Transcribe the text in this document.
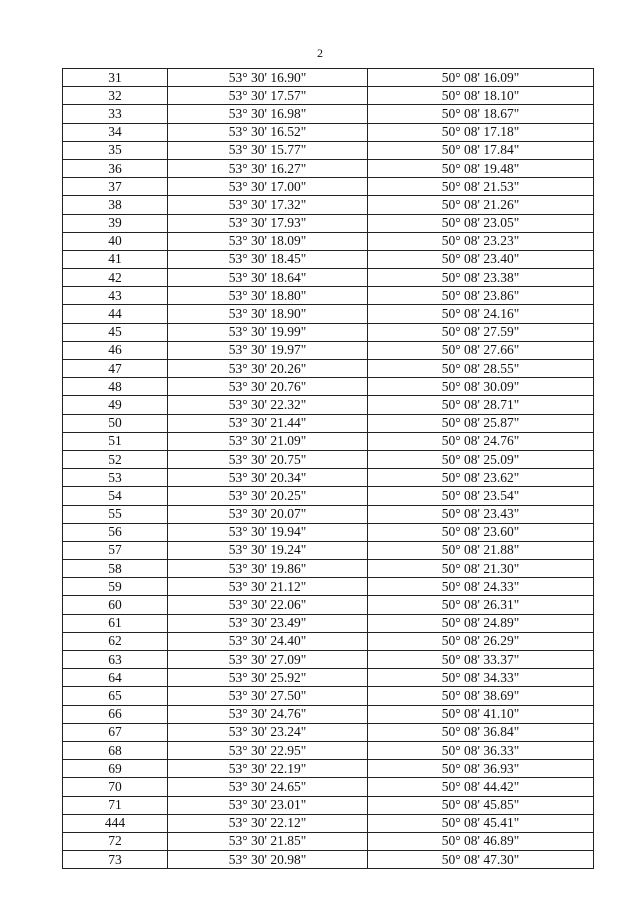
2
31	53° 30' 16.90"	50° 08' 16.09"
32	53° 30' 17.57"	50° 08' 18.10"
33	53° 30' 16.98"	50° 08' 18.67"
34	53° 30' 16.52"	50° 08' 17.18"
35	53° 30' 15.77"	50° 08' 17.84"
36	53° 30' 16.27"	50° 08' 19.48"
37	53° 30' 17.00"	50° 08' 21.53"
38	53° 30' 17.32"	50° 08' 21.26"
39	53° 30' 17.93"	50° 08' 23.05"
40	53° 30' 18.09"	50° 08' 23.23"
41	53° 30' 18.45"	50° 08' 23.40"
42	53° 30' 18.64"	50° 08' 23.38"
43	53° 30' 18.80"	50° 08' 23.86"
44	53° 30' 18.90"	50° 08' 24.16"
45	53° 30' 19.99"	50° 08' 27.59"
46	53° 30' 19.97"	50° 08' 27.66"
47	53° 30' 20.26"	50° 08' 28.55"
48	53° 30' 20.76"	50° 08' 30.09"
49	53° 30' 22.32"	50° 08' 28.71"
50	53° 30' 21.44"	50° 08' 25.87"
51	53° 30' 21.09"	50° 08' 24.76"
52	53° 30' 20.75"	50° 08' 25.09"
53	53° 30' 20.34"	50° 08' 23.62"
54	53° 30' 20.25"	50° 08' 23.54"
55	53° 30' 20.07"	50° 08' 23.43"
56	53° 30' 19.94"	50° 08' 23.60"
57	53° 30' 19.24"	50° 08' 21.88"
58	53° 30' 19.86"	50° 08' 21.30"
59	53° 30' 21.12"	50° 08' 24.33"
60	53° 30' 22.06"	50° 08' 26.31"
61	53° 30' 23.49"	50° 08' 24.89"
62	53° 30' 24.40"	50° 08' 26.29"
63	53° 30' 27.09"	50° 08' 33.37"
64	53° 30' 25.92"	50° 08' 34.33"
65	53° 30' 27.50"	50° 08' 38.69"
66	53° 30' 24.76"	50° 08' 41.10"
67	53° 30' 23.24"	50° 08' 36.84"
68	53° 30' 22.95"	50° 08' 36.33"
69	53° 30' 22.19"	50° 08' 36.93"
70	53° 30' 24.65"	50° 08' 44.42"
71	53° 30' 23.01"	50° 08' 45.85"
444	53° 30' 22.12"	50° 08' 45.41"
72	53° 30' 21.85"	50° 08' 46.89"
73	53° 30' 20.98"	50° 08' 47.30"
